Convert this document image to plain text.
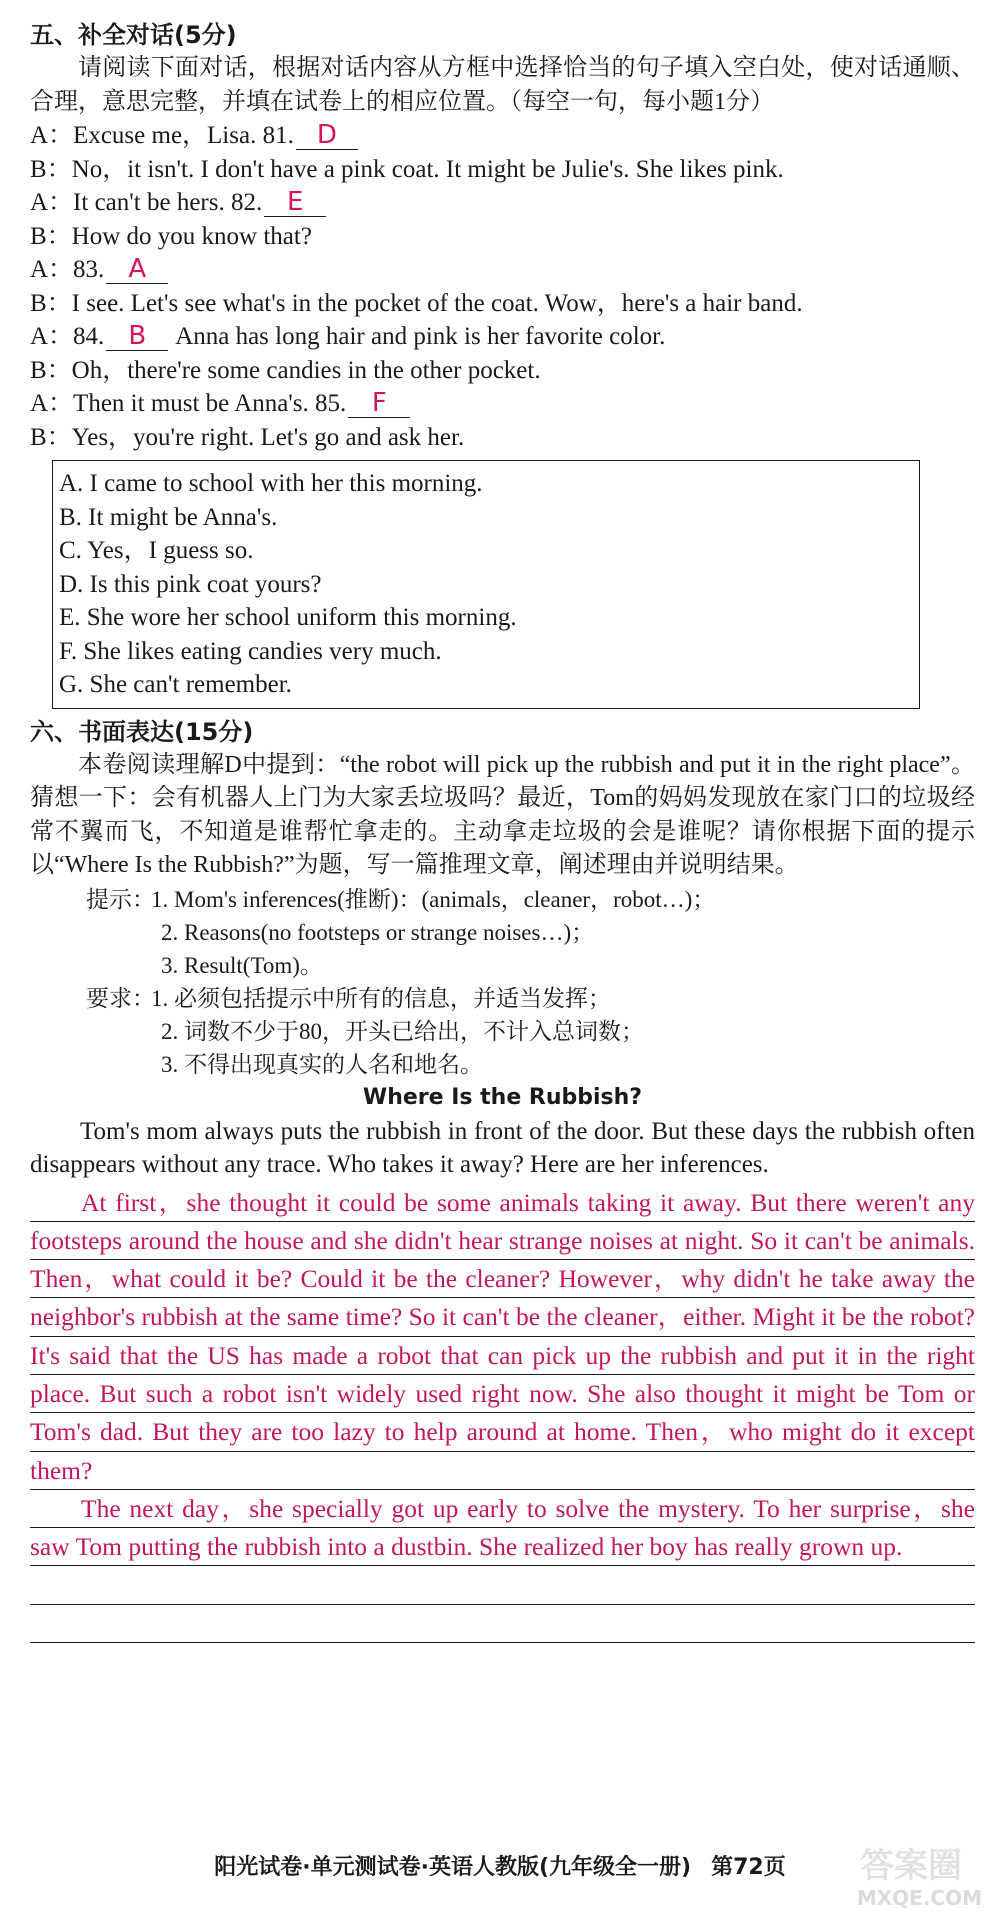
五、补全对话(5分)
请阅读下面对话，根据对话内容从方框中选择恰当的句子填入空白处，使对话通顺、合理，意思完整，并填在试卷上的相应位置。（每空一句，每小题1分）
A：Excuse me，Lisa. 81. D
B：No，it isn't. I don't have a pink coat. It might be Julie's. She likes pink.
A：It can't be hers. 82. E
B：How do you know that?
A：83. A
B：I see. Let's see what's in the pocket of the coat. Wow，here's a hair band.
A：84. B Anna has long hair and pink is her favorite color.
B：Oh，there're some candies in the other pocket.
A：Then it must be Anna's. 85. F
B：Yes，you're right. Let's go and ask her.
A. I came to school with her this morning.
B. It might be Anna's.
C. Yes，I guess so.
D. Is this pink coat yours?
E. She wore her school uniform this morning.
F. She likes eating candies very much.
G. She can't remember.
六、书面表达(15分)
本卷阅读理解D中提到：“the robot will pick up the rubbish and put it in the right place”。猜想一下：会有机器人上门为大家丢垃圾吗？最近，Tom的妈妈发现放在家门口的垃圾经常不翼而飞，不知道是谁帮忙拿走的。主动拿走垃圾的会是谁呢？请你根据下面的提示以“Where Is the Rubbish?”为题，写一篇推理文章，阐述理由并说明结果。
提示：1. Mom's inferences(推断)：(animals，cleaner，robot…)；
2. Reasons(no footsteps or strange noises…)；
3. Result(Tom)。
要求：1. 必须包括提示中所有的信息，并适当发挥；
2. 词数不少于80，开头已给出，不计入总词数；
3. 不得出现真实的人名和地名。
Where Is the Rubbish?
Tom's mom always puts the rubbish in front of the door. But these days the rubbish often disappears without any trace. Who takes it away? Here are her inferences.
At first，she thought it could be some animals taking it away. But there weren't any footsteps around the house and she didn't hear strange noises at night. So it can't be animals. Then，what could it be? Could it be the cleaner? However，why didn't he take away the neighbor's rubbish at the same time? So it can't be the cleaner，either. Might it be the robot? It's said that the US has made a robot that can pick up the rubbish and put it in the right place. But such a robot isn't widely used right now. She also thought it might be Tom or Tom's dad. But they are too lazy to help around at home. Then，who might do it except them?
The next day，she specially got up early to solve the mystery. To her surprise，she saw Tom putting the rubbish into a dustbin. She realized her boy has really grown up.
阳光试卷·单元测试卷·英语人教版(九年级全一册) 第72页	答案圈
MXQE.COM
